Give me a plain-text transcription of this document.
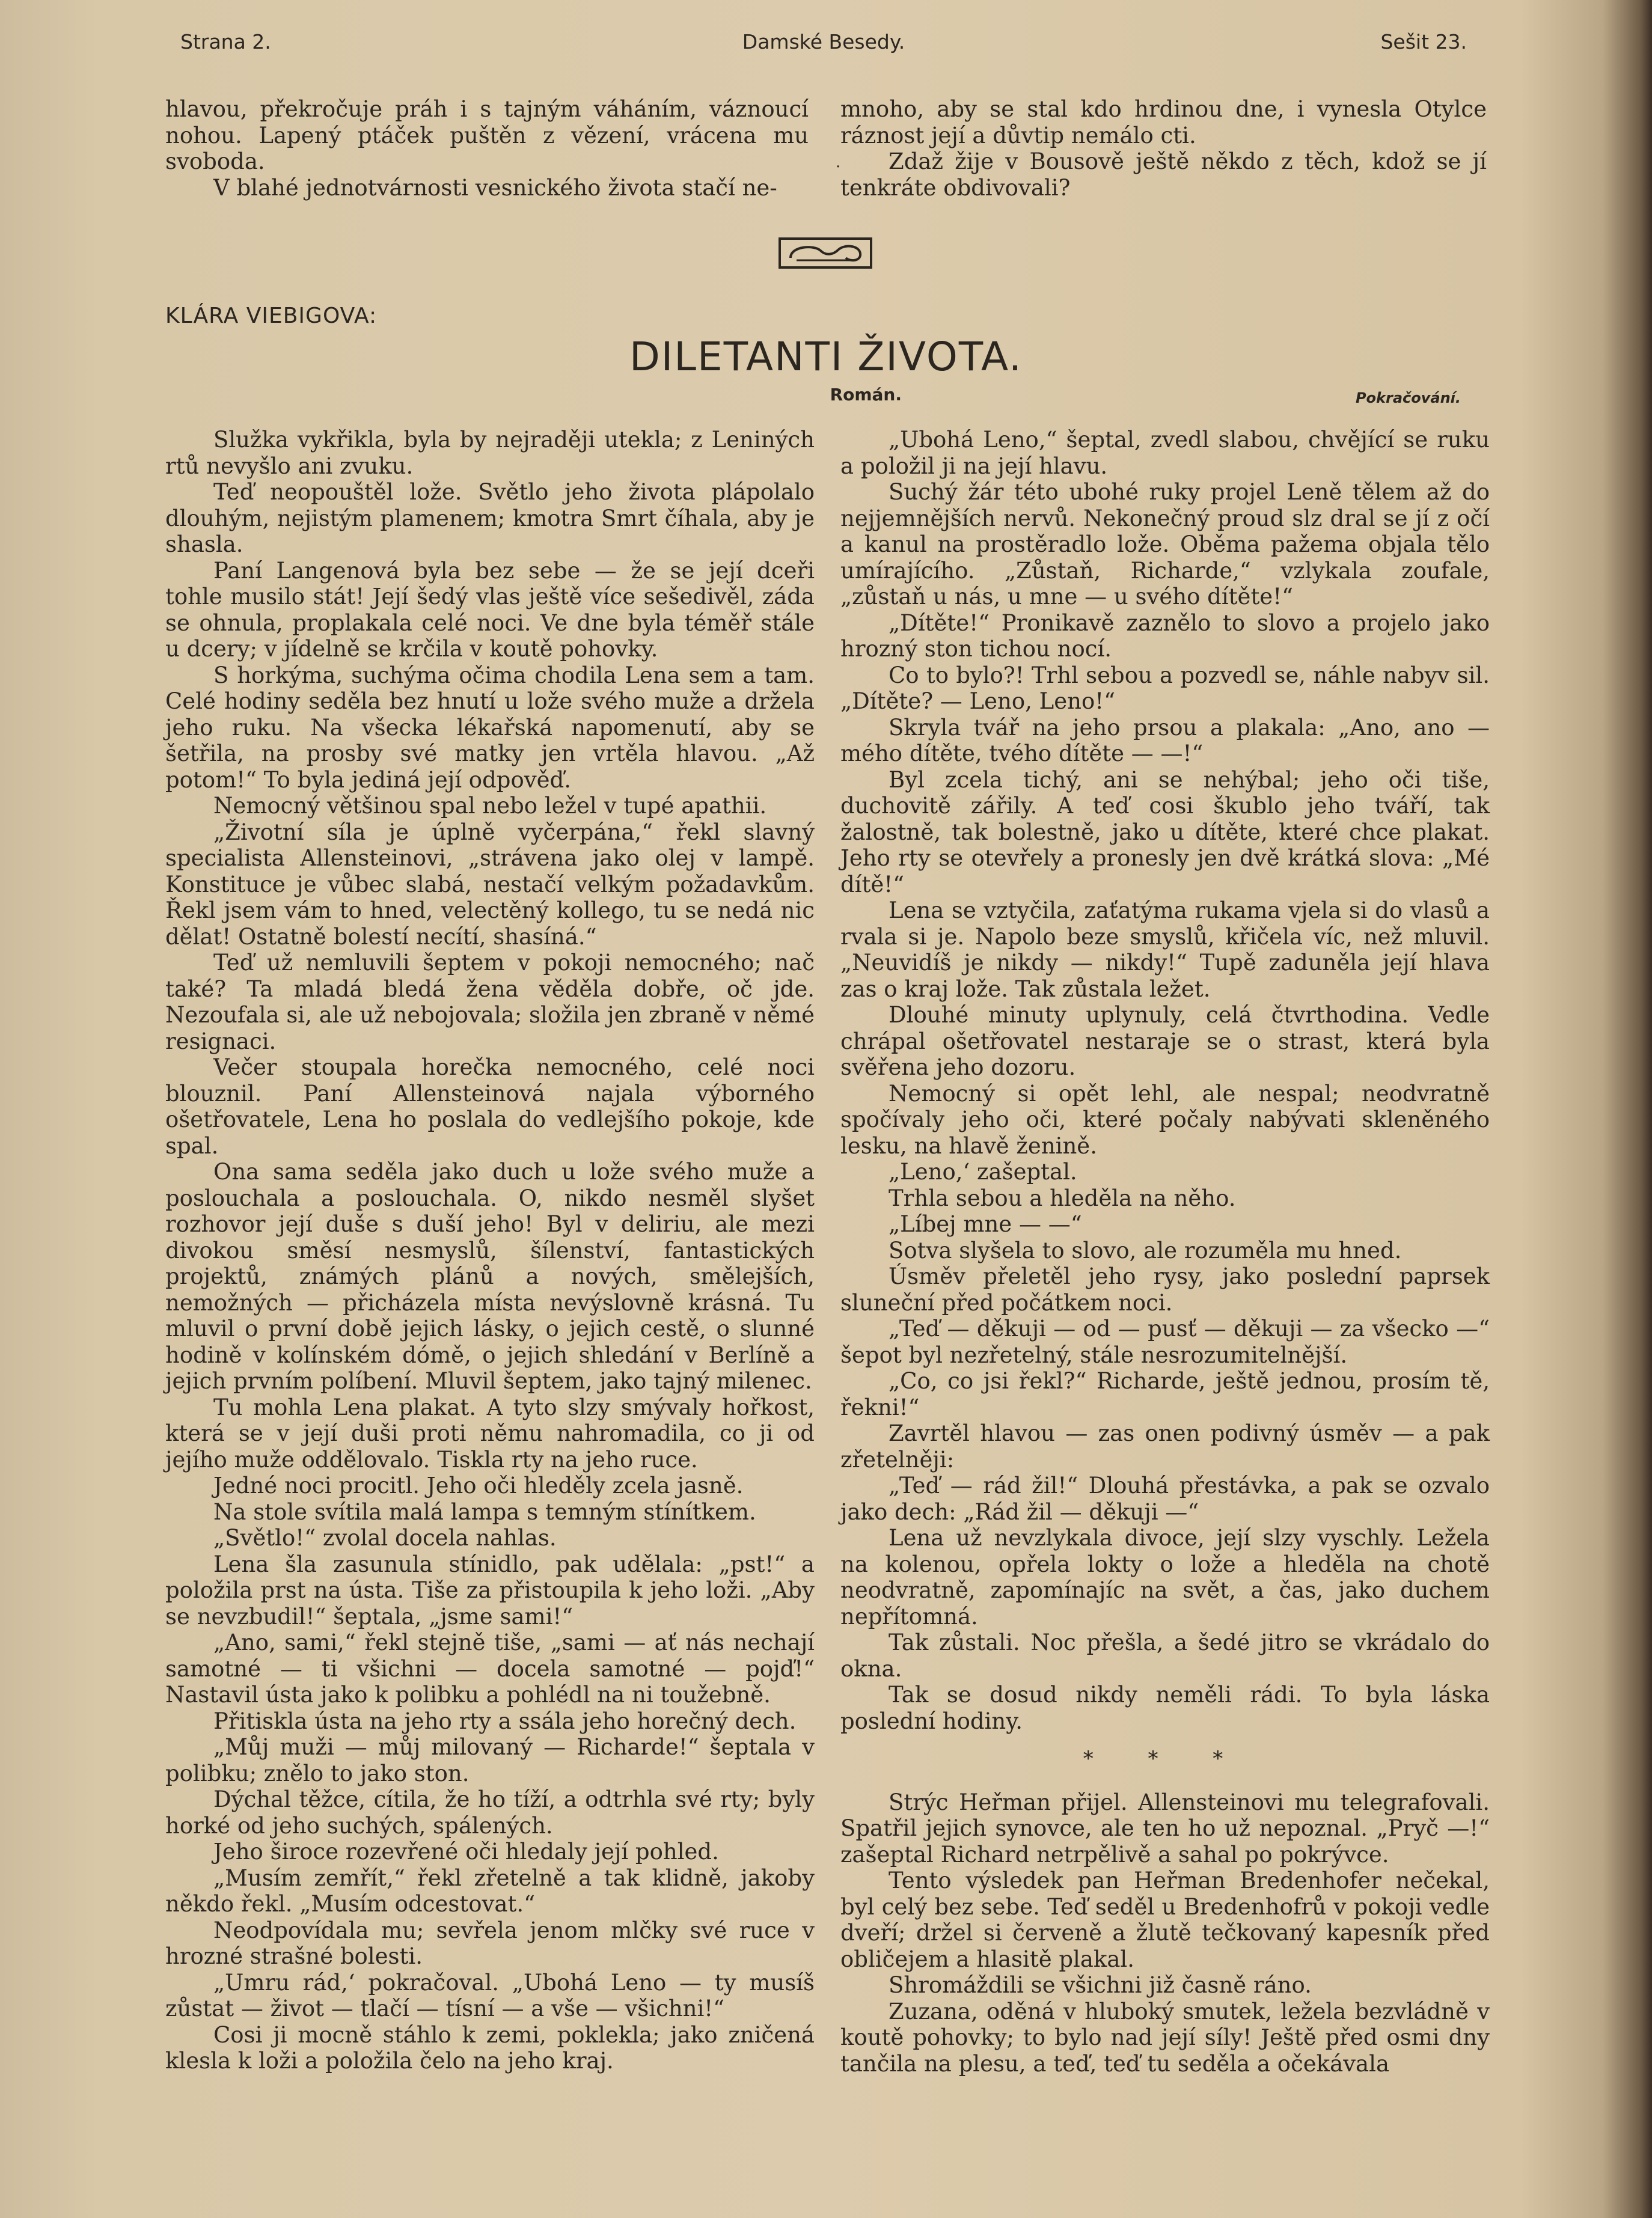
Strana 2.	Damské Besedy.	Sešit 23.

hlavou, překročuje práh i s tajným váháním, váznoucí nohou. Lapený ptáček puštěn z vězení, vrácena mu svoboda.

V blahé jednotvárnosti vesnického života stačí ne-

mnoho, aby se stal kdo hrdinou dne, i vynesla Otylce ráznost její a důvtip nemálo cti.

Zdaž žije v Bousově ještě někdo z těch, kdož se jí tenkráte obdivovali?

·
KLÁRA VIEBIGOVA:
DILETANTI ŽIVOTA.
Román.	Pokračování.

Služka vykřikla, byla by nejraději utekla; z Leniných rtů nevyšlo ani zvuku.

Teď neopouštěl lože. Světlo jeho života plápolalo dlouhým, nejistým plamenem; kmotra Smrt číhala, aby je shasla.

Paní Langenová byla bez sebe — že se její dceři tohle musilo stát! Její šedý vlas ještě více sešedivěl, záda se ohnula, proplakala celé noci. Ve dne byla téměř stále u dcery; v jídelně se krčila v koutě pohovky.

S horkýma, suchýma očima chodila Lena sem a tam. Celé hodiny seděla bez hnutí u lože svého muže a držela jeho ruku. Na všecka lékařská napomenutí, aby se šetřila, na prosby své matky jen vrtěla hlavou. „Až potom!“ To byla jediná její odpověď.

Nemocný většinou spal nebo ležel v tupé apathii.

„Životní síla je úplně vyčerpána,“ řekl slavný specialista Allensteinovi, „strávena jako olej v lampě. Konstituce je vůbec slabá, nestačí velkým požadavkům. Řekl jsem vám to hned, velectěný kollego, tu se nedá nic dělat! Ostatně bolestí necítí, shasíná.“

Teď už nemluvili šeptem v pokoji nemocného; nač také? Ta mladá bledá žena věděla dobře, oč jde. Nezoufala si, ale už nebojovala; složila jen zbraně v němé resignaci.

Večer stoupala horečka nemocného, celé noci blouznil. Paní Allensteinová najala výborného ošetřovatele, Lena ho poslala do vedlejšího pokoje, kde spal.

Ona sama seděla jako duch u lože svého muže a poslouchala a poslouchala. O, nikdo nesměl slyšet rozhovor její duše s duší jeho! Byl v deliriu, ale mezi divokou směsí nesmyslů, šílenství, fantastických projektů, známých plánů a nových, smělejších, nemožných — přicházela místa nevýslovně krásná. Tu mluvil o první době jejich lásky, o jejich cestě, o slunné hodině v kolínském dómě, o jejich shledání v Berlíně a jejich prvním políbení. Mluvil šeptem, jako tajný milenec.

Tu mohla Lena plakat. A tyto slzy smývaly hořkost, která se v její duši proti němu nahromadila, co ji od jejího muže oddělovalo. Tiskla rty na jeho ruce.

Jedné noci procitl. Jeho oči hleděly zcela jasně.

Na stole svítila malá lampa s temným stínítkem.

„Světlo!“ zvolal docela nahlas.

Lena šla zasunula stínidlo, pak udělala: „pst!“ a položila prst na ústa. Tiše za přistoupila k jeho loži. „Aby se nevzbudil!“ šeptala, „jsme sami!“

„Ano, sami,“ řekl stejně tiše, „sami — ať nás nechají samotné — ti všichni — docela samotné — pojď!“ Nastavil ústa jako k polibku a pohlédl na ni toužebně.

Přitiskla ústa na jeho rty a ssála jeho horečný dech.

„Můj muži — můj milovaný — Richarde!“ šeptala v polibku; znělo to jako ston.

Dýchal těžce, cítila, že ho tíží, a odtrhla své rty; byly horké od jeho suchých, spálených.

Jeho široce rozevřené oči hledaly její pohled.

„Musím zemřít,“ řekl zřetelně a tak klidně, jakoby někdo řekl. „Musím odcestovat.“

Neodpovídala mu; sevřela jenom mlčky své ruce v hrozné strašné bolesti.

„Umru rád,‘ pokračoval. „Ubohá Leno — ty musíš zůstat — život — tlačí — tísní — a vše — všichni!“

Cosi ji mocně stáhlo k zemi, poklekla; jako zničená klesla k loži a položila čelo na jeho kraj.

„Ubohá Leno,“ šeptal, zvedl slabou, chvějící se ruku a položil ji na její hlavu.

Suchý žár této ubohé ruky projel Leně tělem až do nejjemnějších nervů. Nekonečný proud slz dral se jí z očí a kanul na prostěradlo lože. Oběma pažema objala tělo umírajícího. „Zůstaň, Richarde,“ vzlykala zoufale, „zůstaň u nás, u mne — u svého dítěte!“

„Dítěte!“ Pronikavě zaznělo to slovo a projelo jako hrozný ston tichou nocí.

Co to bylo?! Trhl sebou a pozvedl se, náhle nabyv sil. „Dítěte? — Leno, Leno!“

Skryla tvář na jeho prsou a plakala: „Ano, ano — mého dítěte, tvého dítěte — —!“

Byl zcela tichý, ani se nehýbal; jeho oči tiše, duchovitě zářily. A teď cosi škublo jeho tváří, tak žalostně, tak bolestně, jako u dítěte, které chce plakat. Jeho rty se otevřely a pronesly jen dvě krátká slova: „Mé dítě!“

Lena se vztyčila, zaťatýma rukama vjela si do vlasů a rvala si je. Napolo beze smyslů, křičela víc, než mluvil. „Neuvidíš je nikdy — nikdy!“ Tupě zaduněla její hlava zas o kraj lože. Tak zůstala ležet.

Dlouhé minuty uplynuly, celá čtvrthodina. Vedle chrápal ošetřovatel nestaraje se o strast, která byla svěřena jeho dozoru.

Nemocný si opět lehl, ale nespal; neodvratně spočívaly jeho oči, které počaly nabývati skleněného lesku, na hlavě ženině.

„Leno,‘ zašeptal.

Trhla sebou a hleděla na něho.

„Líbej mne — —“

Sotva slyšela to slovo, ale rozuměla mu hned.

Úsměv přeletěl jeho rysy, jako poslední paprsek sluneční před počátkem noci.

„Teď — děkuji — od — pusť — děkuji — za všecko —“ šepot byl nezřetelný, stále nesrozumitelnější.

„Co, co jsi řekl?“ Richarde, ještě jednou, prosím tě, řekni!“

Zavrtěl hlavou — zas onen podivný úsměv — a pak zřetelněji:

„Teď — rád žil!“ Dlouhá přestávka, a pak se ozvalo jako dech: „Rád žil — děkuji —“

Lena už nevzlykala divoce, její slzy vyschly. Ležela na kolenou, opřela lokty o lože a hleděla na chotě neodvratně, zapomínajíc na svět, a čas, jako duchem nepřítomná.

Tak zůstali. Noc přešla, a šedé jitro se vkrádalo do okna.

Tak se dosud nikdy neměli rádi. To byla láska poslední hodiny.

* * *

Strýc Heřman přijel. Allensteinovi mu telegrafovali. Spatřil jejich synovce, ale ten ho už nepoznal. „Pryč —!“ zašeptal Richard netrpělivě a sahal po pokrývce.

Tento výsledek pan Heřman Bredenhofer nečekal, byl celý bez sebe. Teď seděl u Bredenhofrů v pokoji vedle dveří; držel si červeně a žlutě tečkovaný kapesník před obličejem a hlasitě plakal.

Shromáždili se všichni již časně ráno.

Zuzana, oděná v hluboký smutek, ležela bezvládně v koutě pohovky; to bylo nad její síly! Ještě před osmi dny tančila na plesu, a teď, teď tu seděla a očekávala
